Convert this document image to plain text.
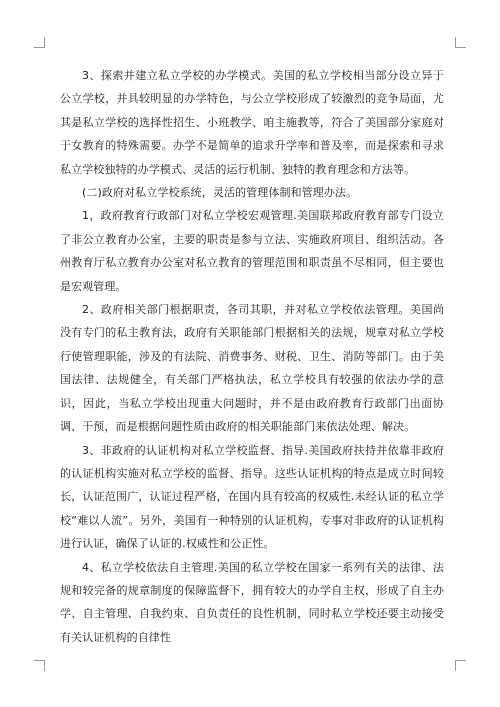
3、探索并建立私立学校的办学模式。美国的私立学校相当部分设立异于公立学校，并具较明显的办学特色，与公立学校形成了较激烈的竞争局面，尤其是私立学校的选择性招生、小班教学、咱主施教等，符合了美国部分家庭对于女教育的特殊需要。办学不是简单的追求升学率和普及率，而是探索和寻求私立学校独特的办学模式、灵活的运行机制、独特的教育理念和方法等。

(二)政府对私立学校系统，灵活的管理体制和管理办法。

1，政府教育行政部门对私立学校宏观管理.美国联邦政府教育部专门设立了非公立教育办公室，主要的职责是参与立法、实施政府项目、组织活动。各州教育厅私立教育办公室对私立教育的管理范围和职责虽不尽相同，但主要也是宏观管理。

2、政府相关部门根据职责，各司其职，并对私立学校依法管理。美国尚没有专门的私主教育法，政府有关职能部门根据相关的法规，规章对私立学校行使管理职能，涉及的有法院、消费事务、财税、卫生、消防等部门。由于美国法律、法规健全，有关部门严格执法，私立学校具有较强的依法办学的意识，因此，当私立学校出现重大问题时，并不是由政府教育行政部门出面协调、干预，而是根据问题性质由政府的相关职能部门来依法处理、解决。

3、非政府的认证机构对私立学校监督、指导.美国政府扶持并依靠非政府的认证机构实施对私立学校的监督、指导。这些认证机构的特点是成立时间较长，认证范围广，认证过程严格，在国内具有较高的权威性.未经认证的私立学校“难以人流”。另外，美国有一种特别的认证机构，专事对非政府的认证机构进行认证，确保了认证的.权威性和公正性。

4、私立学校依法自主管理.美国的私立学校在国家一系列有关的法律、法规和较完备的规章制度的保障监督下，拥有较大的办学自主权，形成了自主办学、自主管理、自我约束、自负责任的良性机制，同时私立学校还要主动接受有关认证机构的自律性
